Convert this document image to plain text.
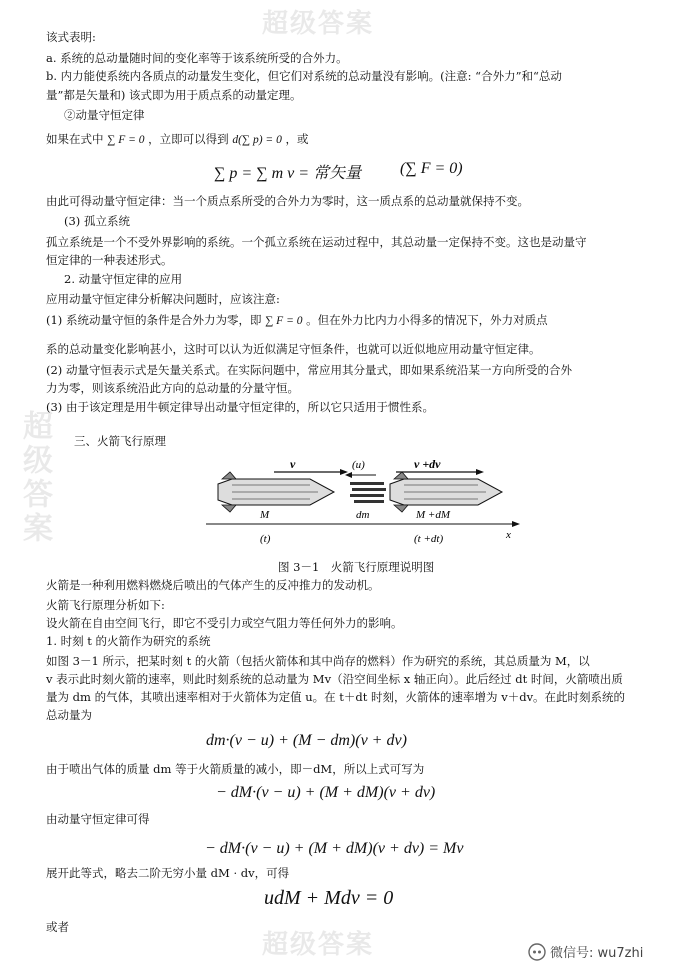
超级答案
超级答案
超级答案
该式表明:
a. 系统的总动量随时间的变化率等于该系统所受的合外力。
b. 内力能使系统内各质点的动量发生变化，但它们对系统的总动量没有影响。(注意: “合外力”和“总动
量”都是矢量和) 该式即为用于质点系的动量定理。
②动量守恒定律
如果在式中 ∑ F = 0 ，立即可以得到 d(∑ p) = 0 ，或
∑ p = ∑ m v = 常矢量 (∑ F = 0)
由此可得动量守恒定律：当一个质点系所受的合外力为零时，这一质点系的总动量就保持不变。
(3) 孤立系统
孤立系统是一个不受外界影响的系统。一个孤立系统在运动过程中，其总动量一定保持不变。这也是动量守
恒定律的一种表述形式。
2. 动量守恒定律的应用
应用动量守恒定律分析解决问题时，应该注意:
(1) 系统动量守恒的条件是合外力为零，即 ∑ F = 0 。但在外力比内力小得多的情况下，外力对质点
系的总动量变化影响甚小，这时可以认为近似满足守恒条件，也就可以近似地应用动量守恒定律。
(2) 动量守恒表示式是矢量关系式。在实际问题中，常应用其分量式，即如果系统沿某一方向所受的合外
力为零，则该系统沿此方向的总动量的分量守恒。
(3) 由于该定理是用牛顿定律导出动量守恒定律的，所以它只适用于惯性系。
三、火箭飞行原理
v	(u)	v +dv
M	dm	M +dM
x
(t)	(t +dt)
图 3－1　火箭飞行原理说明图
火箭是一种利用燃料燃烧后喷出的气体产生的反冲推力的发动机。
火箭飞行原理分析如下:
设火箭在自由空间飞行，即它不受引力或空气阻力等任何外力的影响。
1. 时刻 t 的火箭作为研究的系统
如图 3－1 所示，把某时刻 t 的火箭（包括火箭体和其中尚存的燃料）作为研究的系统，其总质量为 M，以
v 表示此时刻火箭的速率，则此时刻系统的总动量为 Mv（沿空间坐标 x 轴正向）。此后经过 dt 时间，火箭喷出质
量为 dm 的气体，其喷出速率相对于火箭体为定值 u。在 t＋dt 时刻，火箭体的速率增为 v＋dv。在此时刻系统的
总动量为
dm·(v − u) + (M − dm)(v + dv)
由于喷出气体的质量 dm 等于火箭质量的减小，即－dM，所以上式可写为
− dM·(v − u) + (M + dM)(v + dv)
由动量守恒定律可得
− dM·(v − u) + (M + dM)(v + dv) = Mv
展开此等式，略去二阶无穷小量 dM · dv，可得
udM + Mdv = 0
或者
微信号: wu7zhi
